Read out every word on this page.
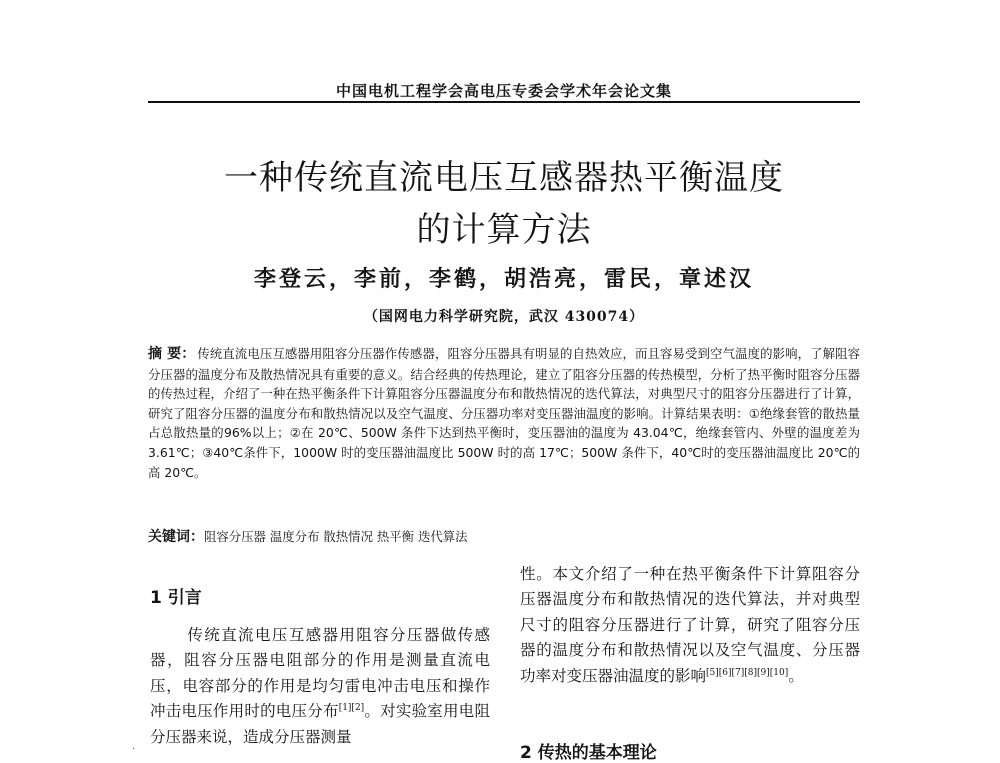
中国电机工程学会高电压专委会学术年会论文集
一种传统直流电压互感器热平衡温度
的计算方法
李登云，李前，李鹤，胡浩亮，雷民，章述汉
（国网电力科学研究院，武汉 430074）
摘 要： 传统直流电压互感器用阻容分压器作传感器，阻容分压器具有明显的自热效应，而且容易受到空气温度的影响，了解阻容分压器的温度分布及散热情况具有重要的意义。结合经典的传热理论，建立了阻容分压器的传热模型，分析了热平衡时阻容分压器的传热过程，介绍了一种在热平衡条件下计算阻容分压器温度分布和散热情况的迭代算法，对典型尺寸的阻容分压器进行了计算，研究了阻容分压器的温度分布和散热情况以及空气温度、分压器功率对变压器油温度的影响。计算结果表明：①绝缘套管的散热量占总散热量的96%以上；②在 20℃、500W 条件下达到热平衡时，变压器油的温度为 43.04℃，绝缘套管内、外壁的温度差为 3.61℃；③40℃条件下，1000W 时的变压器油温度比 500W 时的高 17℃；500W 条件下，40℃时的变压器油温度比 20℃的高 20℃。
关键词：阻容分压器 温度分布 散热情况 热平衡 迭代算法
1 引言
传统直流电压互感器用阻容分压器做传感器，阻容分压器电阻部分的作用是测量直流电压，电容部分的作用是均匀雷电冲击电压和操作冲击电压作用时的电压分布[1][2]。对实验室用电阻分压器来说，造成分压器测量
性。本文介绍了一种在热平衡条件下计算阻容分压器温度分布和散热情况的迭代算法，并对典型尺寸的阻容分压器进行了计算，研究了阻容分压器的温度分布和散热情况以及空气温度、分压器功率对变压器油温度的影响[5][6][7][8][9][10]。
2 传热的基本理论
·
